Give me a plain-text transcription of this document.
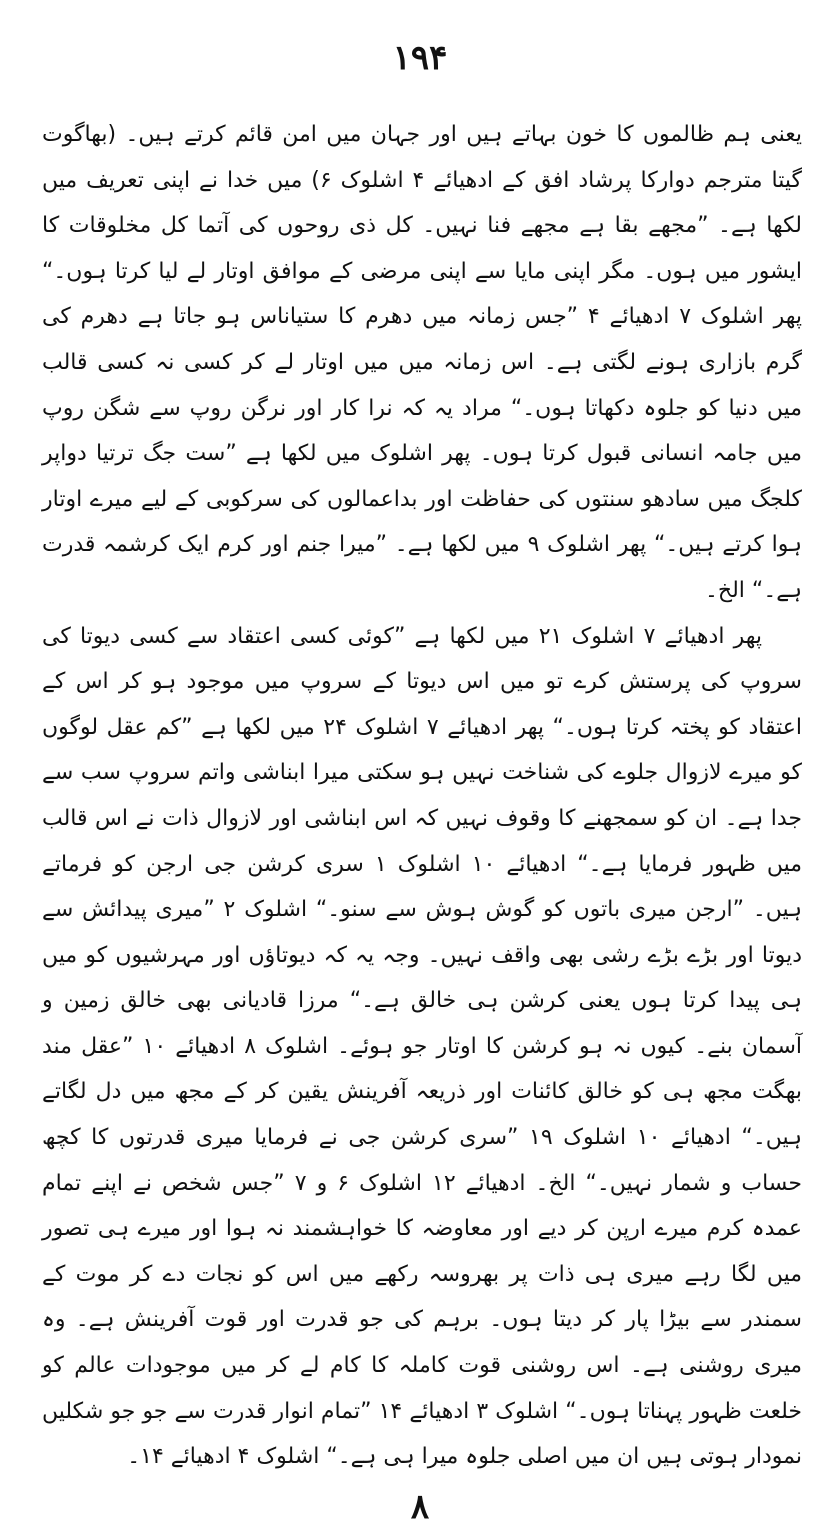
۱۹۴

یعنی ہم ظالموں کا خون بہاتے ہیں اور جہان میں امن قائم کرتے ہیں۔ (بھاگوت گیتا مترجم دوارکا پرشاد افق کے ادھیائے ۴ اشلوک ۶) میں خدا نے اپنی تعریف میں لکھا ہے۔ ”مجھے بقا ہے مجھے فنا نہیں۔ کل ذی روحوں کی آتما کل مخلوقات کا ایشور میں ہوں۔ مگر اپنی مایا سے اپنی مرضی کے موافق اوتار لے لیا کرتا ہوں۔“ پھر اشلوک ۷ ادھیائے ۴ ”جس زمانہ میں دھرم کا ستیاناس ہو جاتا ہے دھرم کی گرم بازاری ہونے لگتی ہے۔ اس زمانہ میں میں اوتار لے کر کسی نہ کسی قالب میں دنیا کو جلوہ دکھاتا ہوں۔“ مراد یہ کہ نرا کار اور نرگن روپ سے شگن روپ میں جامہ انسانی قبول کرتا ہوں۔ پھر اشلوک میں لکھا ہے ”ست جگ ترتیا دواپر کلجگ میں سادھو سنتوں کی حفاظت اور بداعمالوں کی سرکوبی کے لیے میرے اوتار ہوا کرتے ہیں۔“ پھر اشلوک ۹ میں لکھا ہے۔ ”میرا جنم اور کرم ایک کرشمہ قدرت ہے۔“ الخ۔

پھر ادھیائے ۷ اشلوک ۲۱ میں لکھا ہے ”کوئی کسی اعتقاد سے کسی دیوتا کی سروپ کی پرستش کرے تو میں اس دیوتا کے سروپ میں موجود ہو کر اس کے اعتقاد کو پختہ کرتا ہوں۔“ پھر ادھیائے ۷ اشلوک ۲۴ میں لکھا ہے ”کم عقل لوگوں کو میرے لازوال جلوے کی شناخت نہیں ہو سکتی میرا ابناشی واتم سروپ سب سے جدا ہے۔ ان کو سمجھنے کا وقوف نہیں کہ اس ابناشی اور لازوال ذات نے اس قالب میں ظہور فرمایا ہے۔“ ادھیائے ۱۰ اشلوک ۱ سری کرشن جی ارجن کو فرماتے ہیں۔ ”ارجن میری باتوں کو گوش ہوش سے سنو۔“ اشلوک ۲ ”میری پیدائش سے دیوتا اور بڑے بڑے رشی بھی واقف نہیں۔ وجہ یہ کہ دیوتاؤں اور مہرشیوں کو میں ہی پیدا کرتا ہوں یعنی کرشن ہی خالق ہے۔“ مرزا قادیانی بھی خالق زمین و آسمان بنے۔ کیوں نہ ہو کرشن کا اوتار جو ہوئے۔ اشلوک ۸ ادھیائے ۱۰ ”عقل مند بھگت مجھ ہی کو خالق کائنات اور ذریعہ آفرینش یقین کر کے مجھ میں دل لگاتے ہیں۔“ ادھیائے ۱۰ اشلوک ۱۹ ”سری کرشن جی نے فرمایا میری قدرتوں کا کچھ حساب و شمار نہیں۔“ الخ۔ ادھیائے ۱۲ اشلوک ۶ و ۷ ”جس شخص نے اپنے تمام عمدہ کرم میرے ارپن کر دیے اور معاوضہ کا خواہشمند نہ ہوا اور میرے ہی تصور میں لگا رہے میری ہی ذات پر بھروسہ رکھے میں اس کو نجات دے کر موت کے سمندر سے بیڑا پار کر دیتا ہوں۔ برہم کی جو قدرت اور قوت آفرینش ہے۔ وہ میری روشنی ہے۔ اس روشنی قوت کاملہ کا کام لے کر میں موجودات عالم کو خلعت ظہور پہناتا ہوں۔“ اشلوک ۳ ادھیائے ۱۴ ”تمام انوار قدرت سے جو جو شکلیں نمودار ہوتی ہیں ان میں اصلی جلوہ میرا ہی ہے۔“ اشلوک ۴ ادھیائے ۱۴۔

۸
